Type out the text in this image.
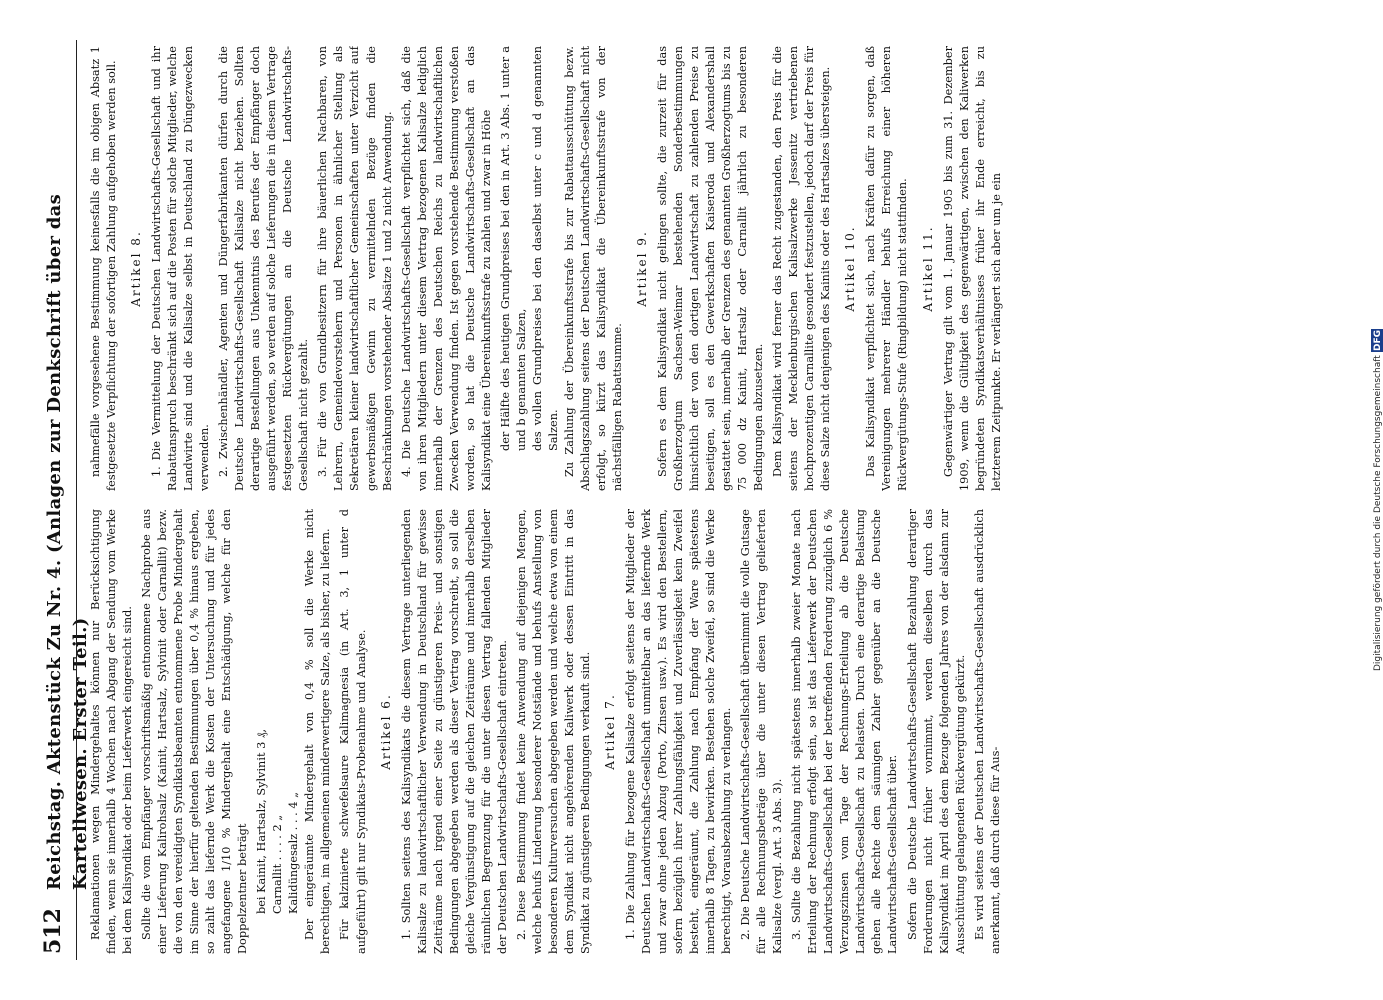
512
Reichstag. Aktenstück Zu Nr. 4. (Anlagen zur Denkschrift über das Kartellwesen. Erster Teil.)

Reklamationen wegen Mindergehaltes können nur Berücksichtigung finden, wenn sie innerhalb 4 Wochen nach Abgang der Sendung vom Werke bei dem Kalisyndikat oder beim Lieferwerk eingereicht sind. Sollte die vom Empfänger vorschriftsmäßig entnommene Nachprobe aus einer Lieferung Kalirohsalz (Kainit, Hartsalz, Sylvinit oder Carnallit) bezw. die von den vereidigten Syndikatsbeamten entnommene Probe Mindergehalt im Sinne der hierfür geltenden Bestimmungen über 0,4 % hinaus ergeben, so zahlt das liefernde Werk die Kosten der Untersuchung und für jedes angefangene 1/10 % Mindergehalt eine Entschädigung, welche für den Doppelzentner beträgt bei Kainit, Hartsalz, Sylvinit 3 ₰, Carnallit . . . . 2 „ Kalidüngesalz . . . 4 „ Der eingeräumte Mindergehalt von 0,4 % soll die Werke nicht berechtigen, im allgemeinen minderwertigere Salze, als bisher, zu liefern. Für kalzinierte schwefelsaure Kalimagnesia (in Art. 3, 1 unter d aufgeführt) gilt nur Syndikats-Probenahme und Analyse. Artikel 6. 1. Sollten seitens des Kalisyndikats die diesem Vertrage unterliegenden Kalisalze zu landwirtschaftlicher Verwendung in Deutschland für gewisse Zeiträume nach irgend einer Seite zu günstigeren Preis- und sonstigen Bedingungen abgegeben werden als dieser Vertrag vorschreibt, so soll die gleiche Vergünstigung auf die gleichen Zeiträume und innerhalb derselben räumlichen Begrenzung für die unter diesen Vertrag fallenden Mitglieder der Deutschen Landwirtschafts-Gesellschaft eintreten. 2. Diese Bestimmung findet keine Anwendung auf diejenigen Mengen, welche behufs Linderung besonderer Notstände und behufs Anstellung von besonderen Kulturversuchen abgegeben werden und welche etwa von einem dem Syndikat nicht angehörenden Kaliwerk oder dessen Eintritt in das Syndikat zu günstigeren Bedingungen verkauft sind. Artikel 7. 1. Die Zahlung für bezogene Kalisalze erfolgt seitens der Mitglieder der Deutschen Landwirtschafts-Gesellschaft unmittelbar an das liefernde Werk und zwar ohne jeden Abzug (Porto, Zinsen usw.). Es wird den Bestellern, sofern bezüglich ihrer Zahlungsfähigkeit und Zuverlässigkeit kein Zweifel besteht, eingeräumt, die Zahlung nach Empfang der Ware spätestens innerhalb 8 Tagen, zu bewirken. Bestehen solche Zweifel, so sind die Werke berechtigt, Vorausbezahlung zu verlangen. 2. Die Deutsche Landwirtschafts-Gesellschaft übernimmt die volle Gutsage für alle Rechnungsbeträge über die unter diesen Vertrag gelieferten Kalisalze (vergl. Art. 3 Abs. 3). 3. Sollte die Bezahlung nicht spätestens innerhalb zweier Monate nach Erteilung der Rechnung erfolgt sein, so ist das Lieferwerk der Deutschen Landwirtschafts-Gesellschaft bei der betreffenden Forderung zuzüglich 6 % Verzugszinsen vom Tage der Rechnungs-Erteilung ab die Deutsche Landwirtschafts-Gesellschaft zu belasten. Durch eine derartige Belastung gehen alle Rechte dem säumigen Zahler gegenüber an die Deutsche Landwirtschafts-Gesellschaft über. Sofern die Deutsche Landwirtschafts-Gesellschaft Bezahlung derartiger Forderungen nicht früher vornimmt, werden dieselben durch das Kalisyndikat im April des dem Bezuge folgenden Jahres von der alsdann zur Ausschüttung gelangenden Rückvergütung gekürzt. Es wird seitens der Deutschen Landwirtschafts-Gesellschaft ausdrücklich anerkannt, daß durch diese für Aus-

nahmefälle vorgesehene Bestimmung keinesfalls die im obigen Absatz 1 festgesetzte Verpflichtung der sofortigen Zahlung aufgehoben werden soll. Artikel 8. 1. Die Vermittelung der Deutschen Landwirtschafts-Gesellschaft und ihr Rabattanspruch beschränkt sich auf die Posten für solche Mitglieder, welche Landwirte sind und die Kalisalze selbst in Deutschland zu Düngezwecken verwenden. 2. Zwischenhändler, Agenten und Düngerfabrikanten dürfen durch die Deutsche Landwirtschafts-Gesellschaft Kalisalze nicht beziehen. Sollten derartige Bestellungen aus Unkenntnis des Berufes der Empfänger doch ausgeführt werden, so werden auf solche Lieferungen die in diesem Vertrage festgesetzten Rückvergütungen an die Deutsche Landwirtschafts-Gesellschaft nicht gezahlt. 3. Für die von Grundbesitzern für ihre bäuerlichen Nachbaren, von Lehrern, Gemeindevorstehern und Personen in ähnlicher Stellung als Sekretären kleiner landwirtschaftlicher Gemeinschaften unter Verzicht auf gewerbsmäßigen Gewinn zu vermittelnden Bezüge finden die Beschränkungen vorstehender Absätze 1 und 2 nicht Anwendung. 4. Die Deutsche Landwirtschafts-Gesellschaft verpflichtet sich, daß die von ihren Mitgliedern unter diesem Vertrag bezogenen Kalisalze lediglich innerhalb der Grenzen des Deutschen Reichs zu landwirtschaftlichen Zwecken Verwendung finden. Ist gegen vorstehende Bestimmung verstoßen worden, so hat die Deutsche Landwirtschafts-Gesellschaft an das Kalisyndikat eine Übereinkunftsstrafe zu zahlen und zwar in Höhe der Hälfte des heutigen Grundpreises bei den in Art. 3 Abs. 1 unter a und b genannten Salzen, des vollen Grundpreises bei den daselbst unter c und d genannten Salzen. Zu Zahlung der Übereinkunftsstrafe bis zur Rabattausschüttung bezw. Abschlagszahlung seitens der Deutschen Landwirtschafts-Gesellschaft nicht erfolgt, so kürzt das Kalisyndikat die Übereinkunftsstrafe von der nächstfälligen Rabattsumme.

Artikel 9. Sofern es dem Kalisyndikat nicht gelingen sollte, die zurzeit für das Großherzogtum Sachsen-Weimar bestehenden Sonderbestimmungen hinsichtlich der von den dortigen Landwirtschaft zu zahlenden Preise zu beseitigen, soll es den Gewerkschaften Kaiseroda und Alexandershall gestattet sein, innerhalb der Grenzen des genannten Großherzogtums bis zu 75 000 dz Kainit, Hartsalz oder Carnallit jährlich zu besonderen Bedingungen abzusetzen. Dem Kalisyndikat wird ferner das Recht zugestanden, den Preis für die seitens der Mecklenburgischen Kalisalzwerke Jessenitz vertriebenen hochprozentigen Carnallite gesondert festzustellen, jedoch darf der Preis für diese Salze nicht denjenigen des Kainits oder des Hartsalzes übersteigen. Artikel 10. Das Kalisyndikat verpflichtet sich, nach Kräften dafür zu sorgen, daß Vereinigungen mehrerer Händler behufs Erreichung einer höheren Rückvergütungs-Stufe (Ringbildung) nicht stattfinden. Artikel 11. Gegenwärtiger Vertrag gilt vom 1. Januar 1905 bis zum 31. Dezember 1909, wenn die Gültigkeit des gegenwärtigen, zwischen den Kaliwerken begründeten Syndikatsverhältnisses früher ihr Ende erreicht, bis zu letzterem Zeitpunkte. Er verlängert sich aber um je ein

Digitalisierung gefördert durch die Deutsche Forschungsgemeinschaft
DFG
